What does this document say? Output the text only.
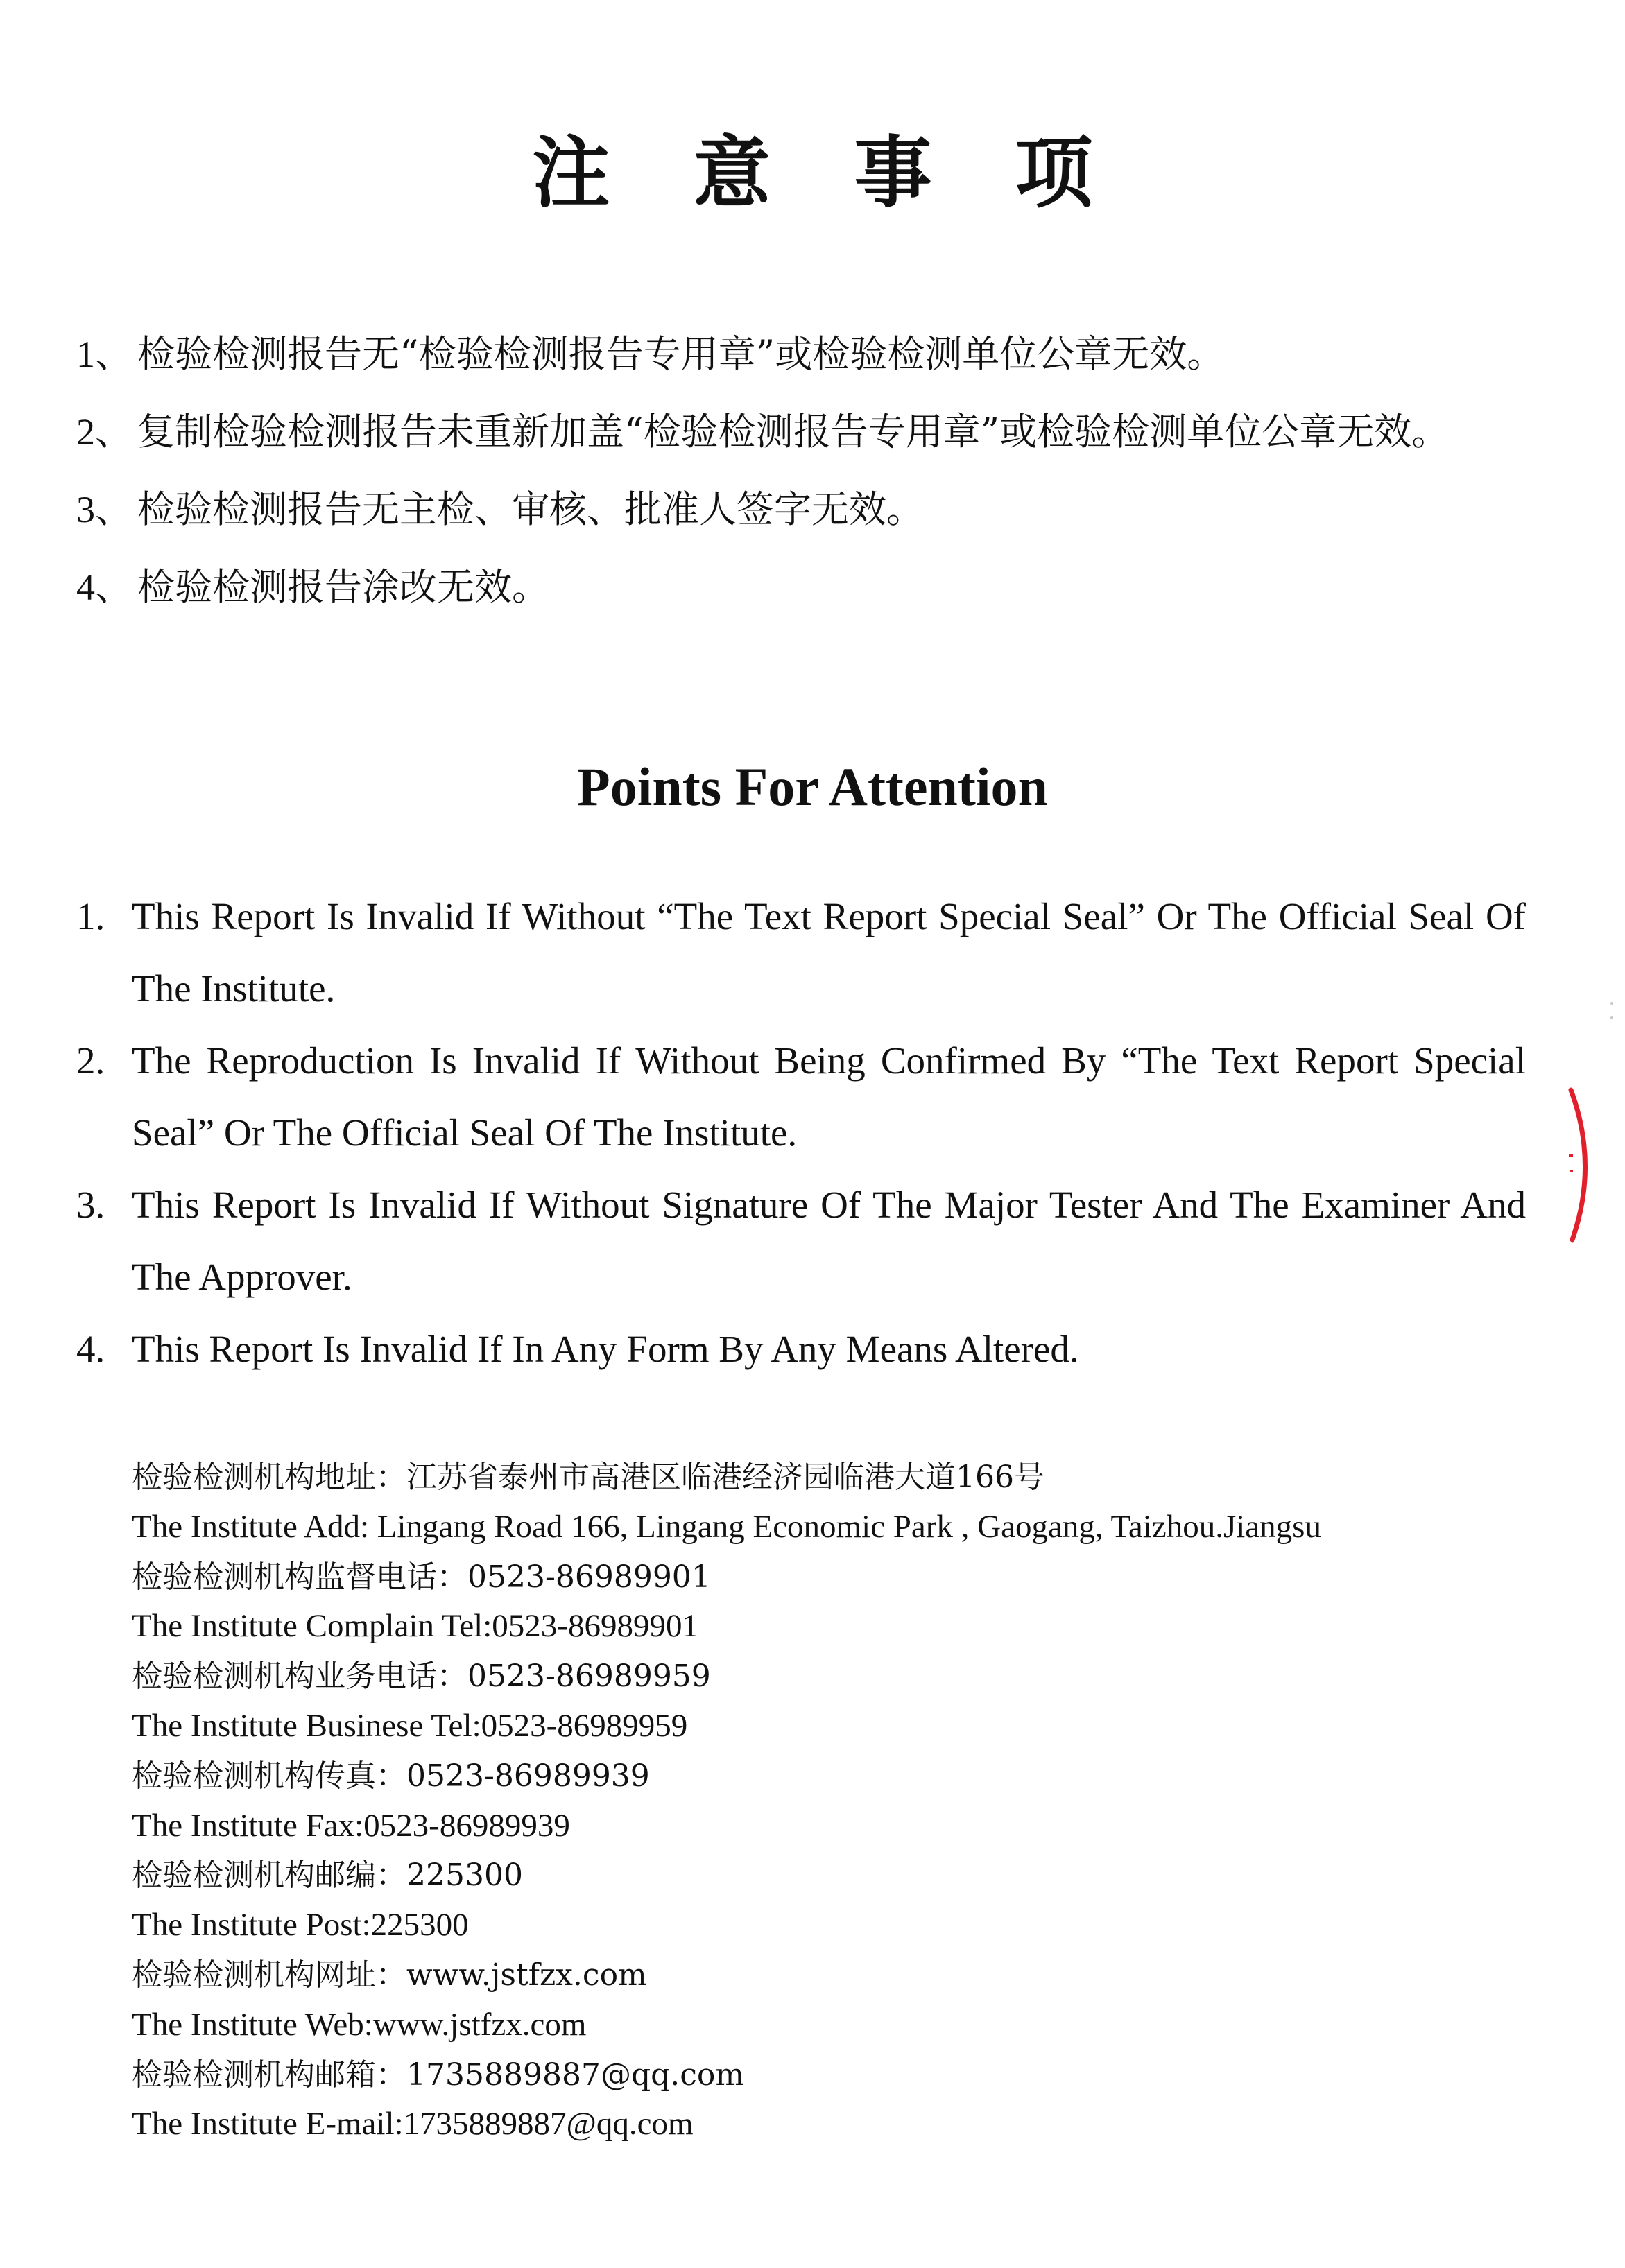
注意事项
1、 检验检测报告无“检验检测报告专用章”或检验检测单位公章无效。
2、 复制检验检测报告未重新加盖“检验检测报告专用章”或检验检测单位公章无效。
3、 检验检测报告无主检、审核、批准人签字无效。
4、 检验检测报告涂改无效。
Points For Attention
1. This Report Is Invalid If Without “The Text Report Special Seal” Or The Official Seal Of The Institute.
2. The Reproduction Is Invalid If Without Being Confirmed By “The Text Report Special Seal” Or The Official Seal Of The Institute.
3. This Report Is Invalid If Without Signature Of The Major Tester And The Examiner And The Approver.
4. This Report Is Invalid If In Any Form By Any Means Altered.
检验检测机构地址：江苏省泰州市高港区临港经济园临港大道166号
The Institute Add: Lingang Road 166, Lingang Economic Park , Gaogang, Taizhou.Jiangsu
检验检测机构监督电话：0523-86989901
The Institute Complain Tel:0523-86989901
检验检测机构业务电话：0523-86989959
The Institute Businese Tel:0523-86989959
检验检测机构传真：0523-86989939
The Institute Fax:0523-86989939
检验检测机构邮编：225300
The Institute Post:225300
检验检测机构网址：www.jstfzx.com
The Institute Web:www.jstfzx.com
检验检测机构邮箱：1735889887@qq.com
The Institute E-mail:1735889887@qq.com
